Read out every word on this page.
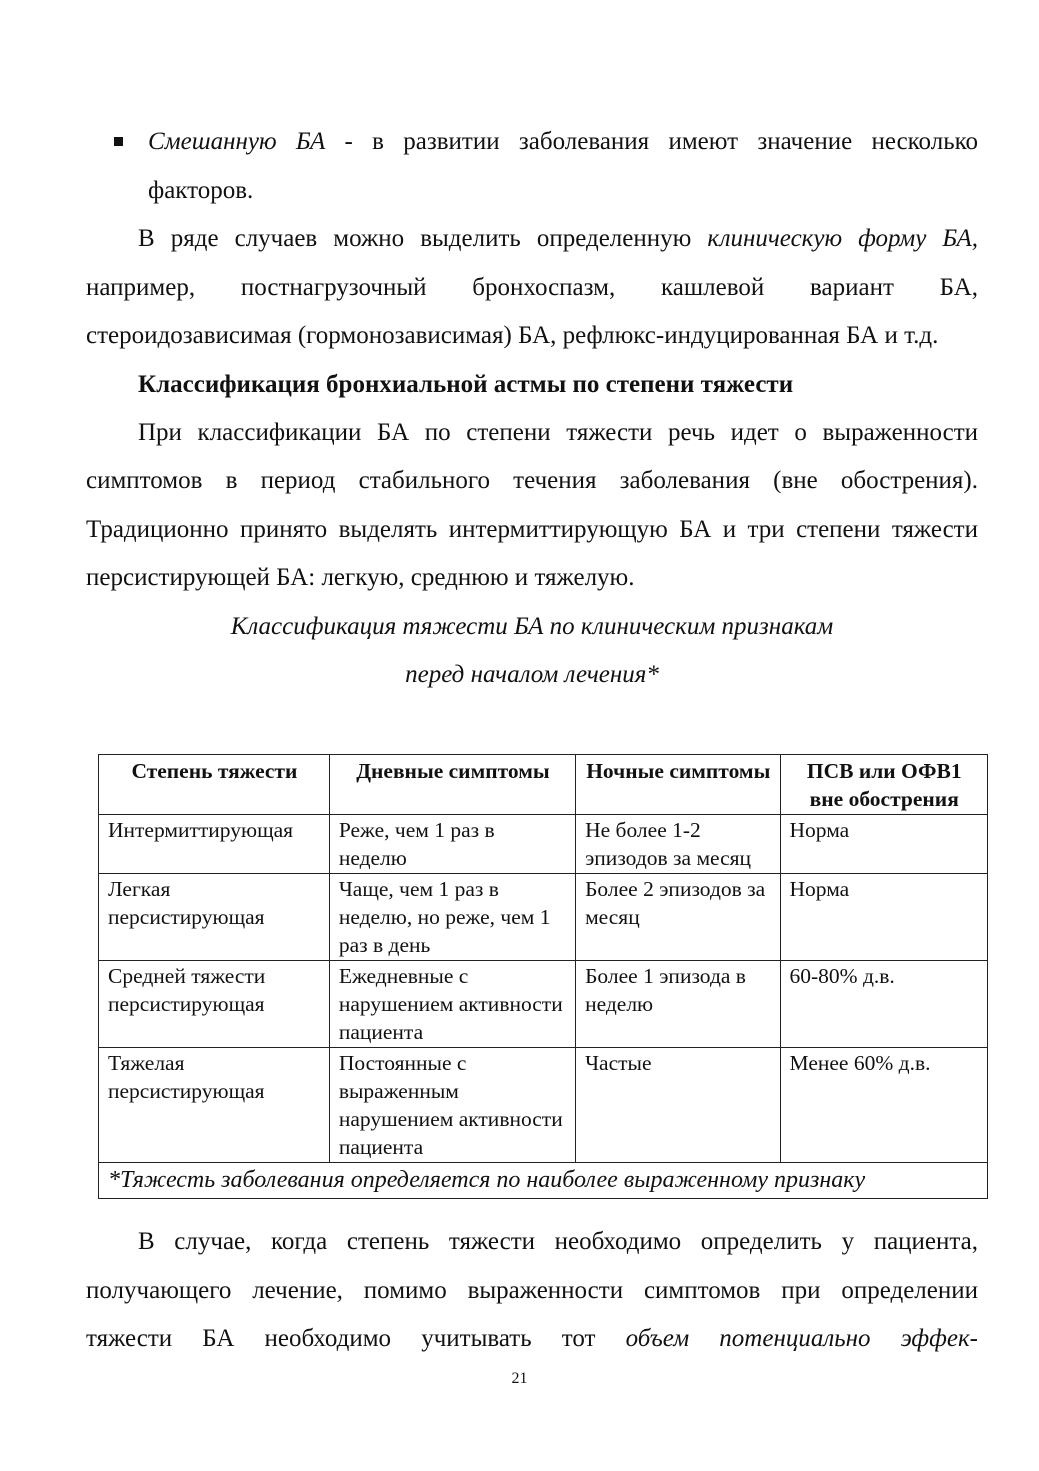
Смешанную БА - в развитии заболевания имеют значение несколько факторов.

В ряде случаев можно выделить определенную клиническую форму БА, например, постнагрузочный бронхоспазм, кашлевой вариант БА, стероидозависимая (гормонозависимая) БА, рефлюкс-индуцированная БА и т.д.

Классификация бронхиальной астмы по степени тяжести

При классификации БА по степени тяжести речь идет о выраженности симптомов в период стабильного течения заболевания (вне обострения). Традиционно принято выделять интермиттирующую БА и три степени тяжести персистирующей БА: легкую, среднюю и тяжелую.

Классификация тяжести БА по клиническим признакам

перед началом лечения*

Степень тяжести	Дневные симптомы	Ночные симптомы	ПСВ или ОФВ1 вне обострения
Интермиттирующая	Реже, чем 1 раз в неделю	Не более 1-2 эпизодов за месяц	Норма
Легкая персистирующая	Чаще, чем 1 раз в неделю, но реже, чем 1 раз в день	Более 2 эпизодов за месяц	Норма
Средней тяжести персистирующая	Ежедневные с нарушением активности пациента	Более 1 эпизода в неделю	60-80% д.в.
Тяжелая персистирующая	Постоянные с выраженным нарушением активности пациента	Частые	Менее 60% д.в.
*Тяжесть заболевания определяется по наиболее выраженному признаку			

В случае, когда степень тяжести необходимо определить у пациента, получающего лечение, помимо выраженности симптомов при определении тяжести БА необходимо учитывать тот объем потенциально эффек-

21
